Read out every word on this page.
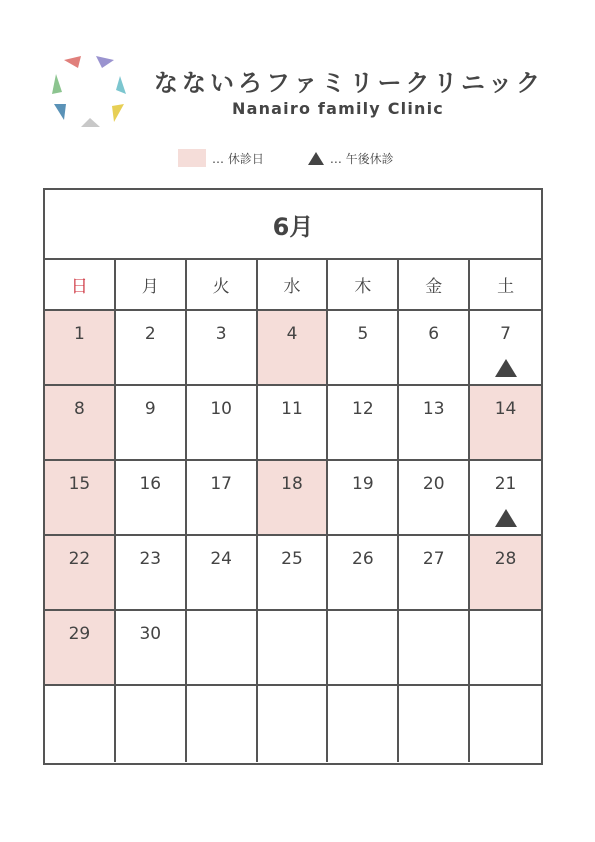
なないろファミリークリニック
Nanairo family Clinic
… 休診日	… 午後休診
6月
日	月	火	水	木	金	土
1	2	3	4	5	6	7
8	9	10	11	12	13	14
15	16	17	18	19	20	21
22	23	24	25	26	27	28
29	30
